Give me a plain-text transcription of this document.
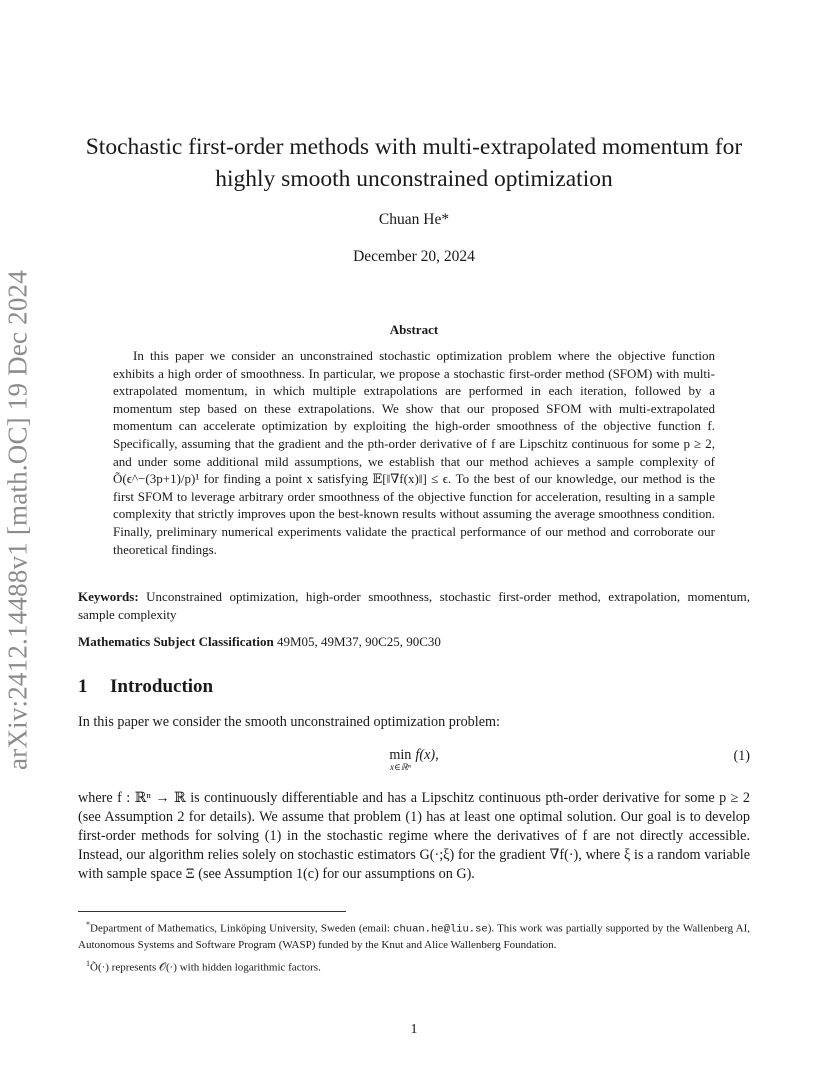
arXiv:2412.14488v1 [math.OC] 19 Dec 2024
Stochastic first-order methods with multi-extrapolated momentum for highly smooth unconstrained optimization
Chuan He*
December 20, 2024
Abstract

In this paper we consider an unconstrained stochastic optimization problem where the objective function exhibits a high order of smoothness. In particular, we propose a stochastic first-order method (SFOM) with multi-extrapolated momentum, in which multiple extrapolations are performed in each iteration, followed by a momentum step based on these extrapolations. We show that our proposed SFOM with multi-extrapolated momentum can accelerate optimization by exploiting the high-order smoothness of the objective function f. Specifically, assuming that the gradient and the pth-order derivative of f are Lipschitz continuous for some p ≥ 2, and under some additional mild assumptions, we establish that our method achieves a sample complexity of Õ(ϵ^−(3p+1)/p)¹ for finding a point x satisfying 𝔼[‖∇f(x)‖] ≤ ϵ. To the best of our knowledge, our method is the first SFOM to leverage arbitrary order smoothness of the objective function for acceleration, resulting in a sample complexity that strictly improves upon the best-known results without assuming the average smoothness condition. Finally, preliminary numerical experiments validate the practical performance of our method and corroborate our theoretical findings.

Keywords: Unconstrained optimization, high-order smoothness, stochastic first-order method, extrapolation, momentum, sample complexity

Mathematics Subject Classification 49M05, 49M37, 90C25, 90C30

1 Introduction

In this paper we consider the smooth unconstrained optimization problem:

min
x∈ℝⁿ
f(x),	(1)

where f : ℝⁿ → ℝ is continuously differentiable and has a Lipschitz continuous pth-order derivative for some p ≥ 2 (see Assumption 2 for details). We assume that problem (1) has at least one optimal solution. Our goal is to develop first-order methods for solving (1) in the stochastic regime where the derivatives of f are not directly accessible. Instead, our algorithm relies solely on stochastic estimators G(·;ξ) for the gradient ∇f(·), where ξ is a random variable with sample space Ξ (see Assumption 1(c) for our assumptions on G).

*Department of Mathematics, Linköping University, Sweden (email: chuan.he@liu.se). This work was partially supported by the Wallenberg AI, Autonomous Systems and Software Program (WASP) funded by the Knut and Alice Wallenberg Foundation.

$^1$Õ(·) represents 𝒪(·) with hidden logarithmic factors.

1
